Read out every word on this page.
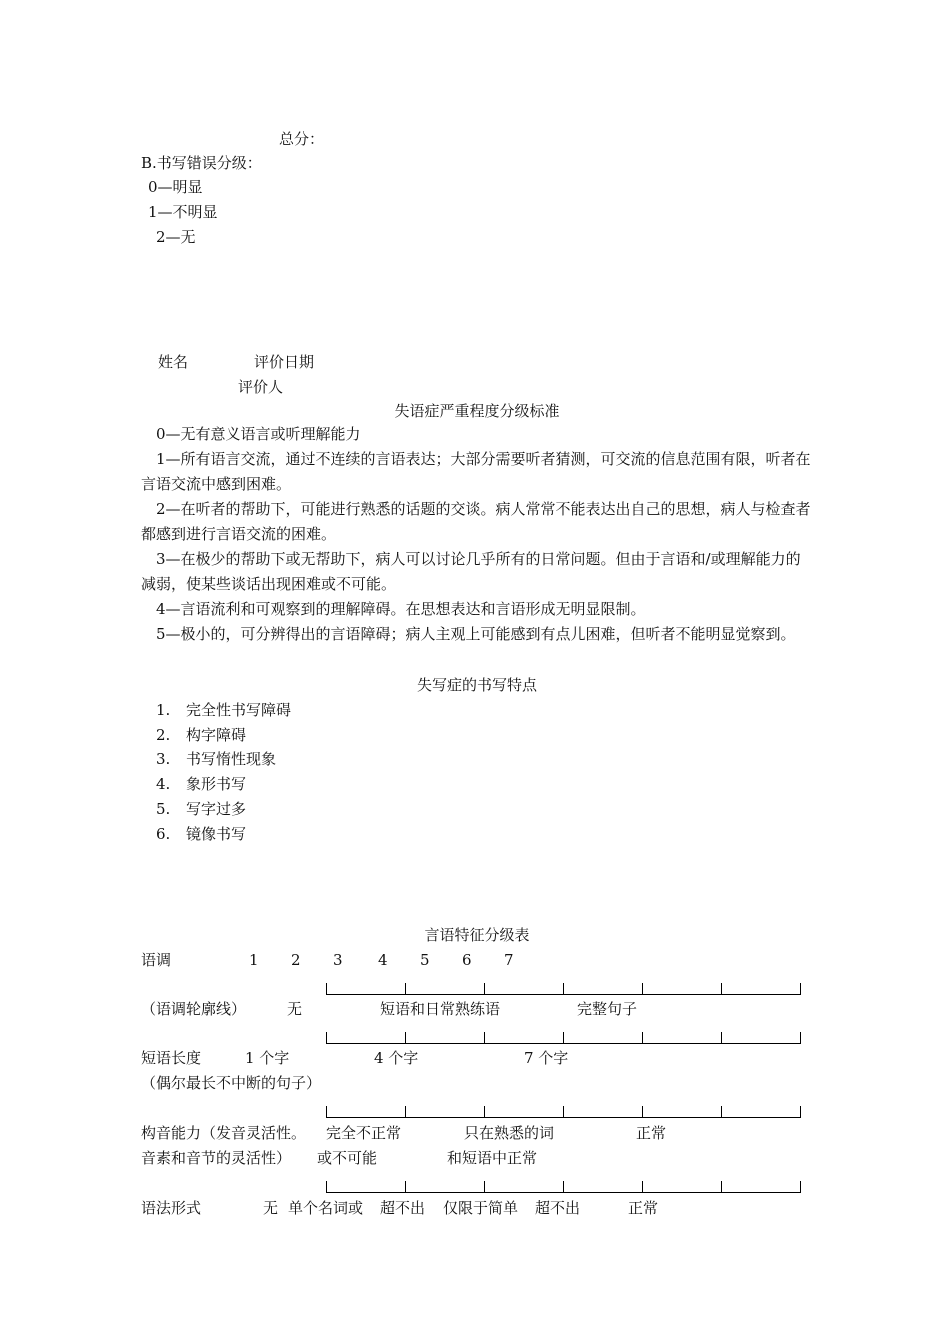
总分：
B.书写错误分级：
0—明显
1—不明显
2—无
姓名	评价日期
评价人
失语症严重程度分级标准
0—无有意义语言或听理解能力
1—所有语言交流，通过不连续的言语表达；大部分需要听者猜测，可交流的信息范围有限，听者在言语交流中感到困难。
2—在听者的帮助下，可能进行熟悉的话题的交谈。病人常常不能表达出自己的思想，病人与检查者都感到进行言语交流的困难。
3—在极少的帮助下或无帮助下，病人可以讨论几乎所有的日常问题。但由于言语和/或理解能力的减弱，使某些谈话出现困难或不可能。
4—言语流利和可观察到的理解障碍。在思想表达和言语形成无明显限制。
5—极小的，可分辨得出的言语障碍；病人主观上可能感到有点儿困难，但听者不能明显觉察到。
失写症的书写特点
1. 完全性书写障碍
2. 构字障碍
3. 书写惰性现象
4. 象形书写
5. 写字过多
6. 镜像书写
言语特征分级表
语调	1 2 3 4 5 6 7
（语调轮廓线）	无	短语和日常熟练语	完整句子
短语长度	1 个字	4 个字	7 个字
（偶尔最长不中断的句子）
构音能力（发音灵活性。 完全不正常	只在熟悉的词	正常
音素和音节的灵活性） 或不可能	和短语中正常
语法形式	无 单个名词或 超不出 仅限于简单 超不出	正常
